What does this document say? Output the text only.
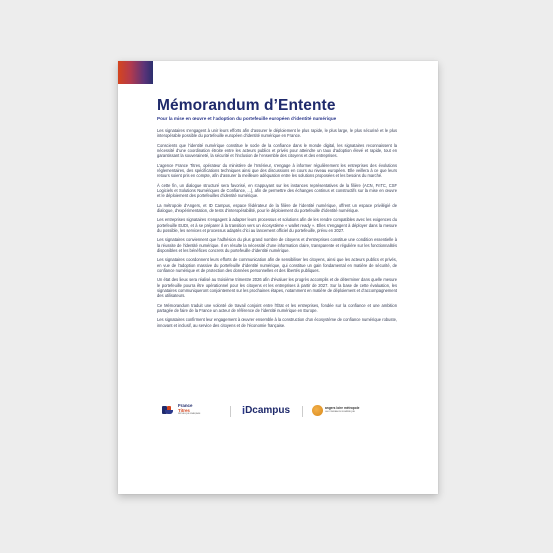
Mémorandum d’Entente
Pour la mise en œuvre et l’adoption du portefeuille européen d’identité numérique

Les signataires s’engagent à unir leurs efforts afin d’assurer le déploiement le plus rapide, le plus large, le plus sécurisé et le plus interopérable possible du portefeuille européen d’identité numérique en France.

Conscients que l’identité numérique constitue le socle de la confiance dans le monde digital, les signataires reconnaissent la nécessité d’une coordination étroite entre les acteurs publics et privés pour atteindre un taux d’adoption élevé et rapide, tout en garantissant la souveraineté, la sécurité et l’inclusion de l’ensemble des citoyens et des entreprises.

L’agence France Titres, opérateur du ministère de l’Intérieur, s’engage à informer régulièrement les entreprises des évolutions réglementaires, des spécifications techniques ainsi que des discussions en cours au niveau européen. Elle veillera à ce que leurs retours soient pris en compte, afin d’assurer la meilleure adéquation entre les solutions proposées et les besoins du marché.

À cette fin, un dialogue structuré sera favorisé, en s’appuyant sur les instances représentatives de la filière (ACN, FnTC, CSF Logiciels et Solutions Numériques de Confiance, ...), afin de permettre des échanges continus et constructifs sur la mise en œuvre et le déploiement des portefeuilles d’identité numérique.

La métropole d’Angers, et ID Campus, espace fédérateur de la filière de l’identité numérique, offrent un espace privilégié de dialogue, d’expérimentation, de tests d’interopérabilité, pour le déploiement du portefeuille d’identité numérique.

Les entreprises signataires s’engagent à adapter leurs processus et solutions afin de les rendre compatibles avec les exigences du portefeuille EUDI, et à se préparer à la transition vers un écosystème « wallet ready ». Elles s’engagent à déployer dans la mesure du possible, les services et processus adaptés d’ici au lancement officiel du portefeuille, prévu en 2027.

Les signataires conviennent que l’adhésion du plus grand nombre de citoyens et d’entreprises constitue une condition essentielle à la réussite de l’identité numérique. Il en résulte la nécessité d’une information claire, transparente et régulière sur les fonctionnalités disponibles et les bénéfices concrets du portefeuille d’identité numérique.

Les signataires coordonnent leurs efforts de communication afin de sensibiliser les citoyens, ainsi que les acteurs publics et privés, en vue de l’adoption massive du portefeuille d’identité numérique, qui constitue un gain fondamental en matière de sécurité, de confiance numérique et de protection des données personnelles et des libertés publiques.

Un état des lieux sera réalisé au troisième trimestre 2026 afin d’évaluer les progrès accomplis et de déterminer dans quelle mesure le portefeuille pourra être opérationnel pour les citoyens et les entreprises à partir de 2027. Sur la base de cette évaluation, les signataires communiqueront conjointement sur les prochaines étapes, notamment en matière de déploiement et d’accompagnement des utilisateurs.

Ce Mémorandum traduit une volonté de travail conjoint entre l’État et les entreprises, fondée sur la confiance et une ambition partagée de faire de la France un acteur de référence de l’identité numérique en Europe.

Les signataires confirment leur engagement à œuvrer ensemble à la construction d’un écosystème de confiance numérique robuste, innovant et inclusif, au service des citoyens et de l’économie française.

France
Titres
RÉPUBLIQUE FRANÇAISE	i Dcampus	angers loire métropole
LA CONFIANCE NUMÉRIQUE
